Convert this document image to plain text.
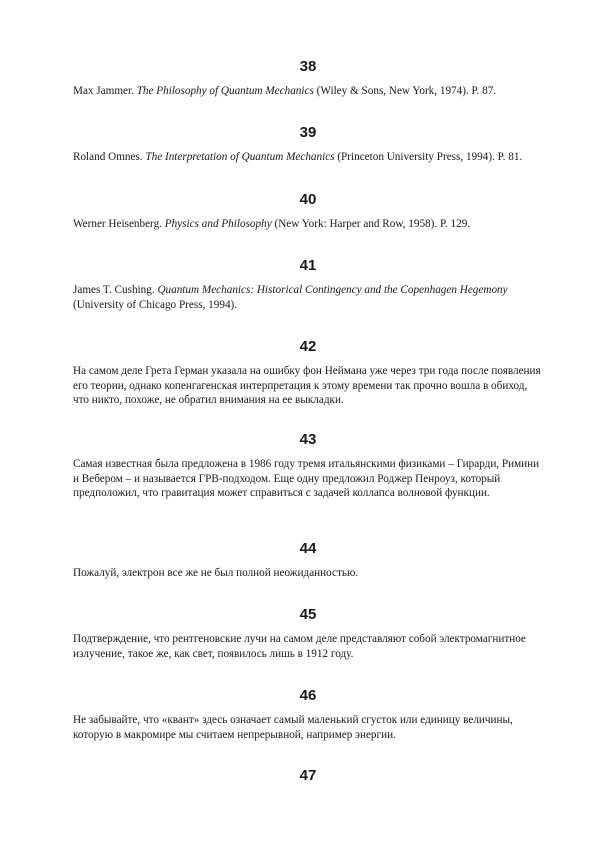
38

Max Jammer. The Philosophy of Quantum Mechanics (Wiley & Sons, New York, 1974). P. 87.

39

Roland Omnes. The Interpretation of Quantum Mechanics (Princeton University Press, 1994). P. 81.

40

Werner Heisenberg. Physics and Philosophy (New York: Harper and Row, 1958). P. 129.

41

James T. Cushing. Quantum Mechanics: Historical Contingency and the Copenhagen Hegemony (University of Chicago Press, 1994).

42

На самом деле Грета Герман указала на ошибку фон Неймана уже через три года после появления его теории, однако копенгагенская интерпретация к этому времени так прочно вошла в обиход, что никто, похоже, не обратил внимания на ее выкладки.

43

Самая известная была предложена в 1986 году тремя итальянскими физиками – Гирарди, Римини и Вебером – и называется ГРВ-подходом. Еще одну предложил Роджер Пенроуз, который предположил, что гравитация может справиться с задачей коллапса волновой функции.

44

Пожалуй, электрон все же не был полной неожиданностью.

45

Подтверждение, что рентгеновские лучи на самом деле представляют собой электромагнитное излучение, такое же, как свет, появилось лишь в 1912 году.

46

Не забывайте, что «квант» здесь означает самый маленький сгусток или единицу величины, которую в макромире мы считаем непрерывной, например энергии.

47
